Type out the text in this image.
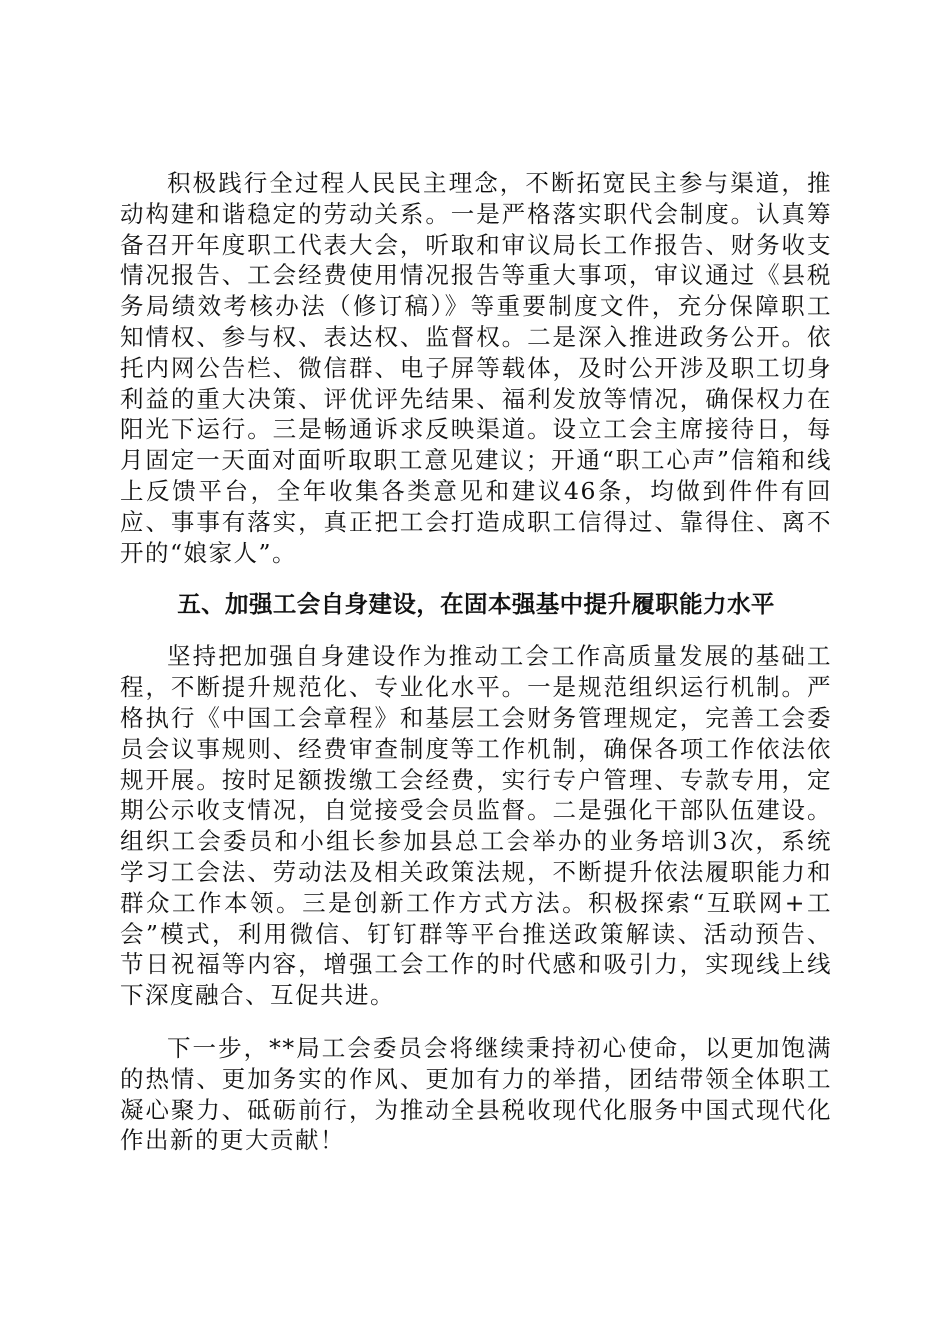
积极践行全过程人民民主理念，不断拓宽民主参与渠道，推动构建和谐稳定的劳动关系。一是严格落实职代会制度。认真筹备召开年度职工代表大会，听取和审议局长工作报告、财务收支情况报告、工会经费使用情况报告等重大事项，审议通过《县税务局绩效考核办法（修订稿）》等重要制度文件，充分保障职工知情权、参与权、表达权、监督权。二是深入推进政务公开。依托内网公告栏、微信群、电子屏等载体，及时公开涉及职工切身利益的重大决策、评优评先结果、福利发放等情况，确保权力在阳光下运行。三是畅通诉求反映渠道。设立工会主席接待日，每月固定一天面对面听取职工意见建议；开通“职工心声”信箱和线上反馈平台，全年收集各类意见和建议46条，均做到件件有回应、事事有落实，真正把工会打造成职工信得过、靠得住、离不开的“娘家人”。

五、加强工会自身建设，在固本强基中提升履职能力水平

坚持把加强自身建设作为推动工会工作高质量发展的基础工程，不断提升规范化、专业化水平。一是规范组织运行机制。严格执行《中国工会章程》和基层工会财务管理规定，完善工会委员会议事规则、经费审查制度等工作机制，确保各项工作依法依规开展。按时足额拨缴工会经费，实行专户管理、专款专用，定期公示收支情况，自觉接受会员监督。二是强化干部队伍建设。组织工会委员和小组长参加县总工会举办的业务培训3次，系统学习工会法、劳动法及相关政策法规，不断提升依法履职能力和群众工作本领。三是创新工作方式方法。积极探索“互联网+工会”模式，利用微信、钉钉群等平台推送政策解读、活动预告、节日祝福等内容，增强工会工作的时代感和吸引力，实现线上线下深度融合、互促共进。

下一步，**局工会委员会将继续秉持初心使命，以更加饱满的热情、更加务实的作风、更加有力的举措，团结带领全体职工凝心聚力、砥砺前行，为推动全县税收现代化服务中国式现代化作出新的更大贡献！
